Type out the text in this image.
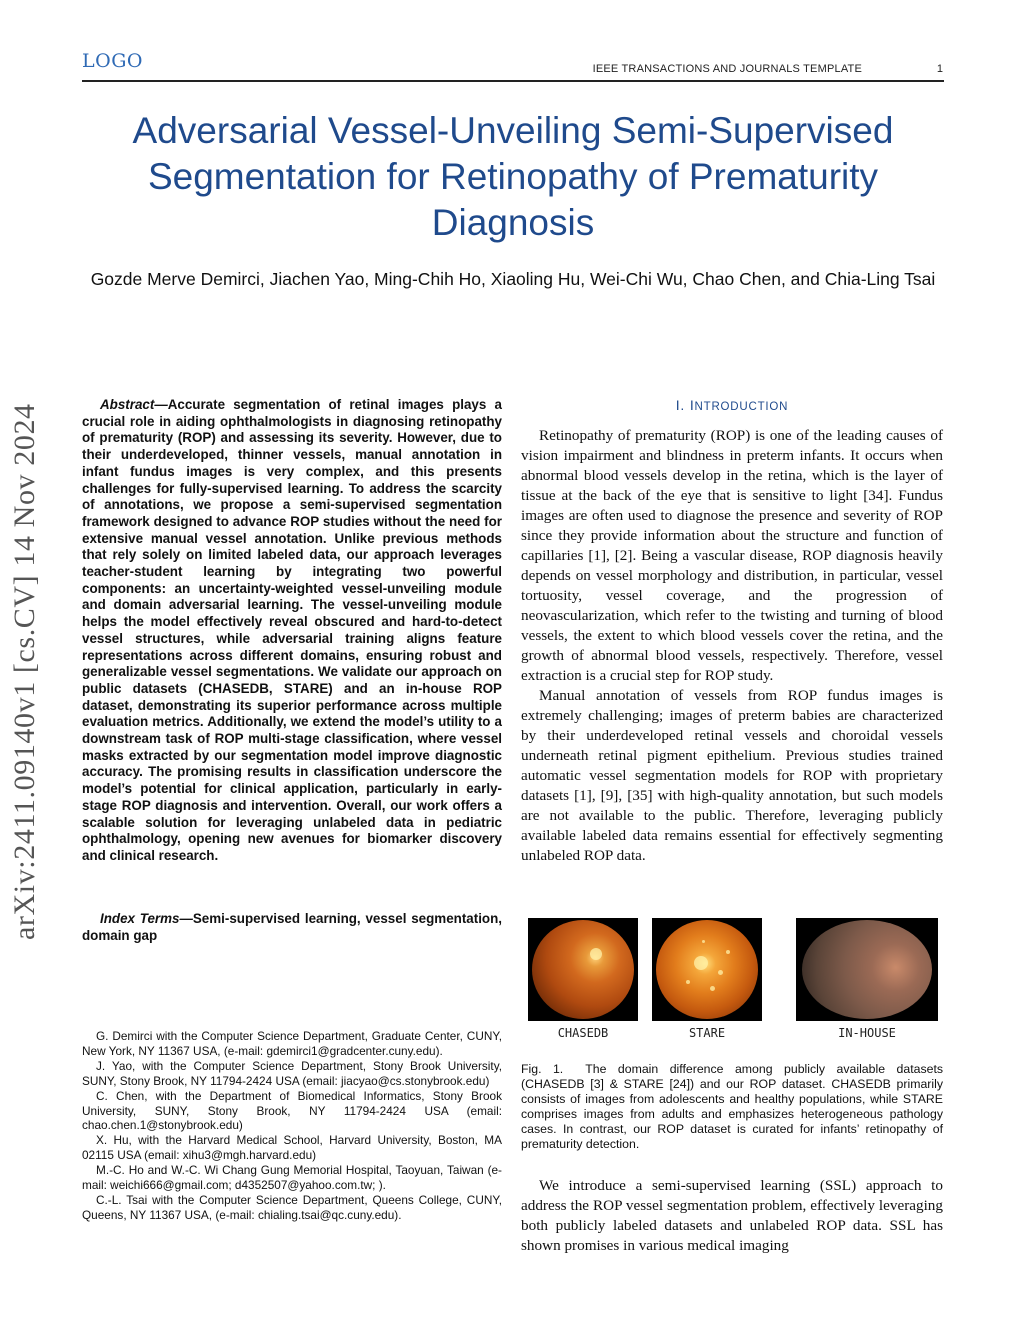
LOGO	IEEE TRANSACTIONS AND JOURNALS TEMPLATE	1
arXiv:2411.09140v1 [cs.CV] 14 Nov 2024
Adversarial Vessel-Unveiling Semi-Supervised Segmentation for Retinopathy of Prematurity Diagnosis
Gozde Merve Demirci, Jiachen Yao, Ming-Chih Ho, Xiaoling Hu, Wei-Chi Wu, Chao Chen, and Chia-Ling Tsai

Abstract—Accurate segmentation of retinal images plays a crucial role in aiding ophthalmologists in diagnosing retinopathy of prematurity (ROP) and assessing its severity. However, due to their underdeveloped, thinner vessels, manual annotation in infant fundus images is very complex, and this presents challenges for fully-supervised learning. To address the scarcity of annotations, we propose a semi-supervised segmentation framework designed to advance ROP studies without the need for extensive manual vessel annotation. Unlike previous methods that rely solely on limited labeled data, our approach leverages teacher-student learning by integrating two powerful components: an uncertainty-weighted vessel-unveiling module and domain adversarial learning. The vessel-unveiling module helps the model effectively reveal obscured and hard-to-detect vessel structures, while adversarial training aligns feature representations across different domains, ensuring robust and generalizable vessel segmentations. We validate our approach on public datasets (CHASEDB, STARE) and an in-house ROP dataset, demonstrating its superior performance across multiple evaluation metrics. Additionally, we extend the model’s utility to a downstream task of ROP multi-stage classification, where vessel masks extracted by our segmentation model improve diagnostic accuracy. The promising results in classification underscore the model’s potential for clinical application, particularly in early-stage ROP diagnosis and intervention. Overall, our work offers a scalable solution for leveraging unlabeled data in pediatric ophthalmology, opening new avenues for biomarker discovery and clinical research.

Index Terms—Semi-supervised learning, vessel segmentation, domain gap

G. Demirci with the Computer Science Department, Graduate Center, CUNY, New York, NY 11367 USA, (e-mail: gdemirci1@gradcenter.cuny.edu).

J. Yao, with the Computer Science Department, Stony Brook University, SUNY, Stony Brook, NY 11794-2424 USA (email: jiacyao@cs.stonybrook.edu)

C. Chen, with the Department of Biomedical Informatics, Stony Brook University, SUNY, Stony Brook, NY 11794-2424 USA (email: chao.chen.1@stonybrook.edu)

X. Hu, with the Harvard Medical School, Harvard University, Boston, MA 02115 USA (email: xihu3@mgh.harvard.edu)

M.-C. Ho and W.-C. Wi Chang Gung Memorial Hospital, Taoyuan, Taiwan (e-mail: weichi666@gmail.com; d4352507@yahoo.com.tw; ).

C.-L. Tsai with the Computer Science Department, Queens College, CUNY, Queens, NY 11367 USA, (e-mail: chialing.tsai@qc.cuny.edu).

I. INTRODUCTION

Retinopathy of prematurity (ROP) is one of the leading causes of vision impairment and blindness in preterm infants. It occurs when abnormal blood vessels develop in the retina, which is the layer of tissue at the back of the eye that is sensitive to light [34]. Fundus images are often used to diagnose the presence and severity of ROP since they provide information about the structure and function of capillaries [1], [2]. Being a vascular disease, ROP diagnosis heavily depends on vessel morphology and distribution, in particular, vessel tortuosity, vessel coverage, and the progression of neovascularization, which refer to the twisting and turning of blood vessels, the extent to which blood vessels cover the retina, and the growth of abnormal blood vessels, respectively. Therefore, vessel extraction is a crucial step for ROP study.

Manual annotation of vessels from ROP fundus images is extremely challenging; images of preterm babies are characterized by their underdeveloped retinal vessels and choroidal vessels underneath retinal pigment epithelium. Previous studies trained automatic vessel segmentation models for ROP with proprietary datasets [1], [9], [35] with high-quality annotation, but such models are not available to the public. Therefore, leveraging publicly available labeled data remains essential for effectively segmenting unlabeled ROP data.

CHASEDB	STARE	IN-HOUSE

Fig. 1. The domain difference among publicly available datasets (CHASEDB [3] & STARE [24]) and our ROP dataset. CHASEDB primarily consists of images from adolescents and healthy populations, while STARE comprises images from adults and emphasizes heterogeneous pathology cases. In contrast, our ROP dataset is curated for infants’ retinopathy of prematurity detection.

We introduce a semi-supervised learning (SSL) approach to address the ROP vessel segmentation problem, effectively leveraging both publicly labeled datasets and unlabeled ROP data. SSL has shown promises in various medical imaging
